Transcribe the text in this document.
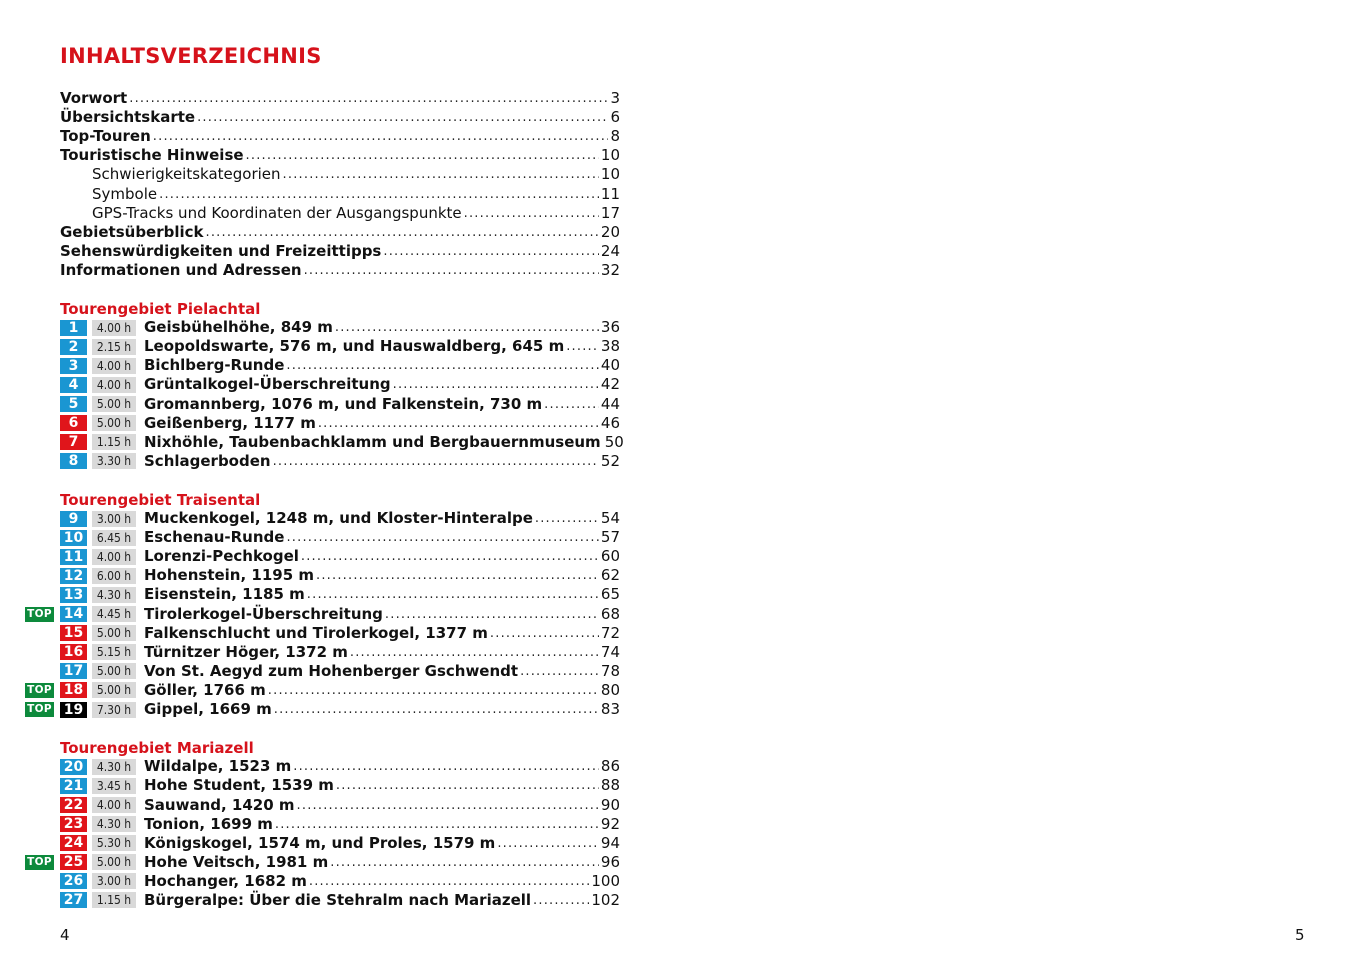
INHALTSVERZEICHNIS
Vorwort .....	3
Übersichtskarte .....	6
Top-Touren .....	8
Touristische Hinweise .....	10
Schwierigkeitskategorien .....	10
Symbole .....	11
GPS-Tracks und Koordinaten der Ausgangspunkte .....	17
Gebietsüberblick .....	20
Sehenswürdigkeiten und Freizeittipps .....	24
Informationen und Adressen .....	32
Tourengebiet Pielachtal
1	4.00 h Geisbühelhöhe, 849 m .....	36
2	2.15 h Leopoldswarte, 576 m, und Hauswaldberg, 645 m ..... 38
3	4.00 h Bichlberg-Runde .....	40
4	4.00 h Grüntalkogel-Überschreitung .....	42
5	5.00 h Gromannberg, 1076 m, und Falkenstein, 730 m .....	44
6	5.00 h Geißenberg, 1177 m .....	46
7	1.15 h Nixhöhle, Taubenbachklamm und Bergbauernmuseum 50
8	3.30 h Schlagerboden .....	52
Tourengebiet Traisental
9	3.00 h Muckenkogel, 1248 m, und Kloster-Hinteralpe .....	54
10	6.45 h Eschenau-Runde .....	57
11	4.00 h Lorenzi-Pechkogel .....	60
12	6.00 h Hohenstein, 1195 m .....	62
13	4.30 h Eisenstein, 1185 m .....	65
TOP 14	4.45 h Tirolerkogel-Überschreitung .....	68
15	5.00 h Falkenschlucht und Tirolerkogel, 1377 m .....	72
16	5.15 h Türnitzer Höger, 1372 m .....	74
17	5.00 h Von St. Aegyd zum Hohenberger Gschwendt .....	78
TOP 18	5.00 h Göller, 1766 m .....	80
TOP 19	7.30 h Gippel, 1669 m .....	83
Tourengebiet Mariazell
20	4.30 h Wildalpe, 1523 m .....	86
21	3.45 h Hohe Student, 1539 m .....	88
22	4.00 h Sauwand, 1420 m .....	90
23	4.30 h Tonion, 1699 m .....	92
24	5.30 h Königskogel, 1574 m, und Proles, 1579 m .....	94
TOP 25	5.00 h Hohe Veitsch, 1981 m .....	96
26	3.00 h Hochanger, 1682 m .....	100
27	1.15 h Bürgeralpe: Über die Stehralm nach Mariazell .....	102
4	5
